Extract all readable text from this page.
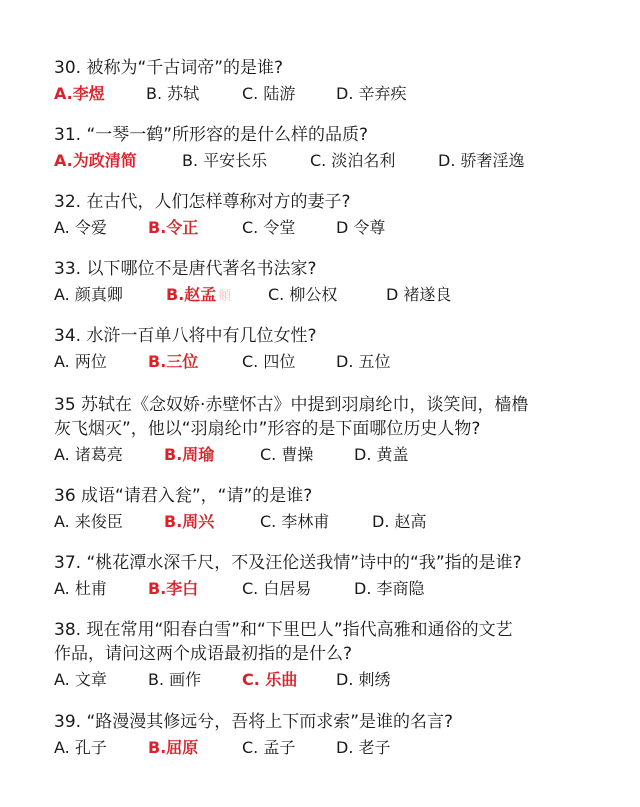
30. 被称为“千古词帝”的是谁?
A.李煜	B. 苏轼	C. 陆游	D. 辛弃疾
31. “一琴一鹤”所形容的是什么样的品质?
A.为政清简	B. 平安长乐	C. 淡泊名利	D. 骄奢淫逸
32. 在古代，人们怎样尊称对方的妻子?
A. 令爱	B.令正	C. 令堂	D 令尊
33. 以下哪位不是唐代著名书法家?
A. 颜真卿	B.赵孟 頫 C. 柳公权	D 褚遂良
34. 水浒一百单八将中有几位女性?
A. 两位	B.三位	C. 四位	D. 五位
35 苏轼在《念奴娇·赤壁怀古》中提到羽扇纶巾，谈笑间，樯橹
灰飞烟灭”，他以“羽扇纶巾”形容的是下面哪位历史人物?
A. 诸葛亮	B.周瑜	C. 曹操	D. 黄盖
36 成语“请君入瓮”，“请”的是谁?
A. 来俊臣	B.周兴	C. 李林甫	D. 赵高
37. “桃花潭水深千尺，不及汪伦送我情”诗中的“我”指的是谁?
A. 杜甫	B.李白	C. 白居易	D. 李商隐
38. 现在常用“阳春白雪”和“下里巴人”指代高雅和通俗的文艺
作品，请问这两个成语最初指的是什么?
A. 文章	B. 画作	C. 乐曲 D. 刺绣
39. “路漫漫其修远兮，吾将上下而求索”是谁的名言?
A. 孔子	B.屈原	C. 孟子	D. 老子
